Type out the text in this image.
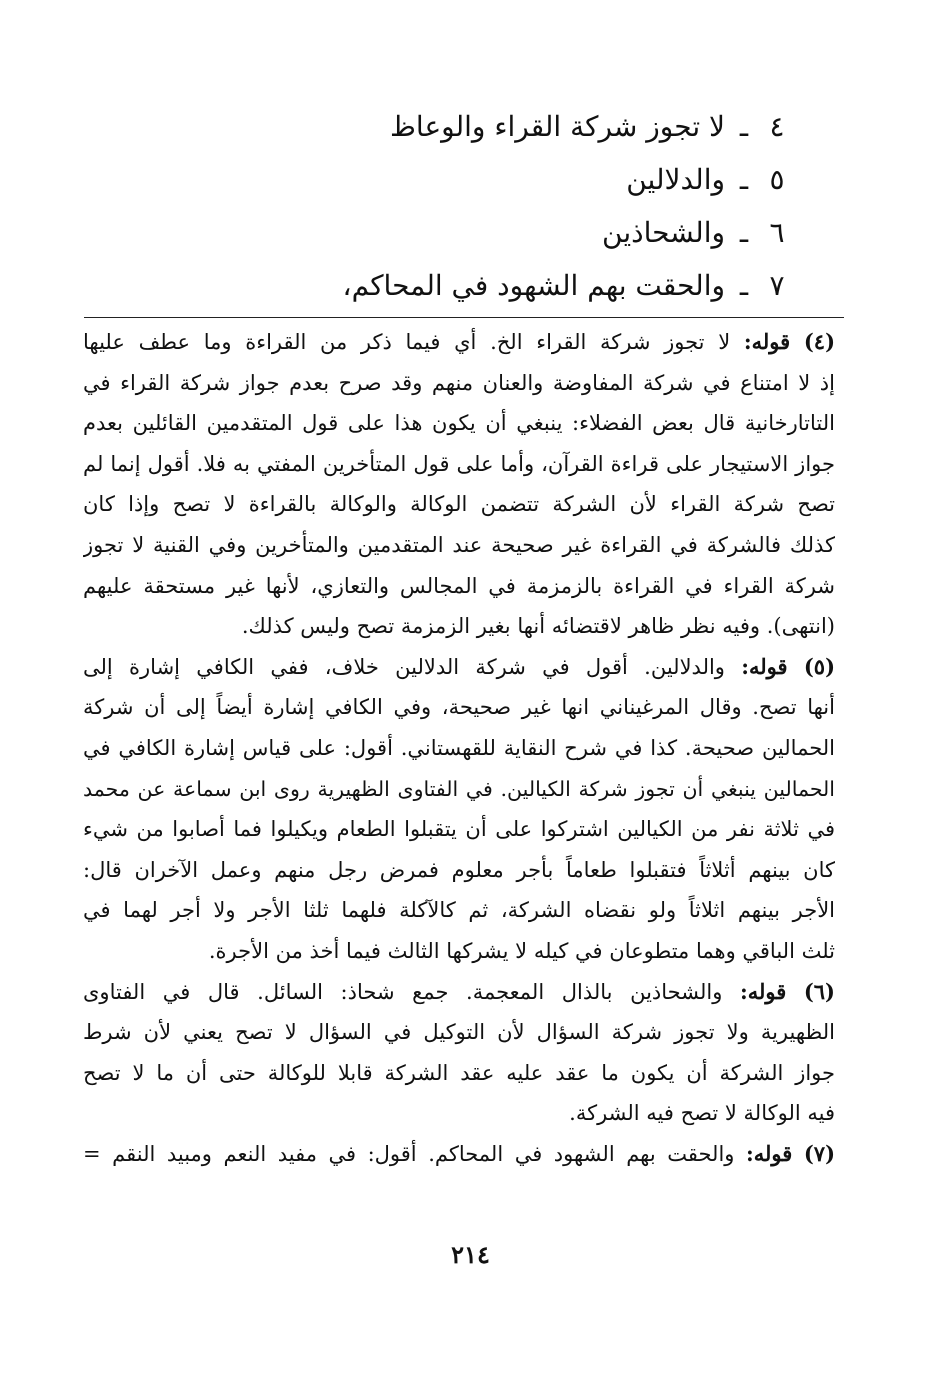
٤
ـ
لا تجوز شركة القراء والوعاظ
٥
ـ
والدلالين
٦
ـ
والشحاذين
٧
ـ
والحقت بهم الشهود في المحاكم،
(٤) قوله: لا تجوز شركة القراء الخ. أي فيما ذكر من القراءة وما عطف عليها
إذ لا امتناع في شركة المفاوضة والعنان منهم وقد صرح بعدم جواز شركة القراء في
التاتارخانية قال بعض الفضلاء: ينبغي أن يكون هذا على قول المتقدمين القائلين بعدم
جواز الاستيجار على قراءة القرآن، وأما على قول المتأخرين المفتي به فلا. أقول إنما لم
تصح شركة القراء لأن الشركة تتضمن الوكالة والوكالة بالقراءة لا تصح وإذا كان
كذلك فالشركة في القراءة غير صحيحة عند المتقدمين والمتأخرين وفي القنية لا تجوز
شركة القراء في القراءة بالزمزمة في المجالس والتعازي، لأنها غير مستحقة عليهم
(انتهى). وفيه نظر ظاهر لاقتضائه أنها بغير الزمزمة تصح وليس كذلك.
(٥) قوله: والدلالين. أقول في شركة الدلالين خلاف، ففي الكافي إشارة إلى
أنها تصح. وقال المرغيناني انها غير صحيحة، وفي الكافي إشارة أيضاً إلى أن شركة
الحمالين صحيحة. كذا في شرح النقاية للقهستاني. أقول: على قياس إشارة الكافي في
الحمالين ينبغي أن تجوز شركة الكيالين. في الفتاوى الظهيرية روى ابن سماعة عن محمد
في ثلاثة نفر من الكيالين اشتركوا على أن يتقبلوا الطعام ويكيلوا فما أصابوا من شيء
كان بينهم أثلاثاً فتقبلوا طعاماً بأجر معلوم فمرض رجل منهم وعمل الآخران قال:
الأجر بينهم اثلاثاً ولو نقضاه الشركة، ثم كالآكلة فلهما ثلثا الأجر ولا أجر لهما في
ثلث الباقي وهما متطوعان في كيله لا يشركها الثالث فيما أخذ من الأجرة.
(٦) قوله: والشحاذين بالذال المعجمة. جمع شحاذ: السائل. قال في الفتاوى
الظهيرية ولا تجوز شركة السؤال لأن التوكيل في السؤال لا تصح يعني لأن شرط
جواز الشركة أن يكون ما عقد عليه عقد الشركة قابلا للوكالة حتى أن ما لا تصح
فيه الوكالة لا تصح فيه الشركة.
(٧) قوله: والحقت بهم الشهود في المحاكم. أقول: في مفيد النعم ومبيد النقم =
٢١٤
